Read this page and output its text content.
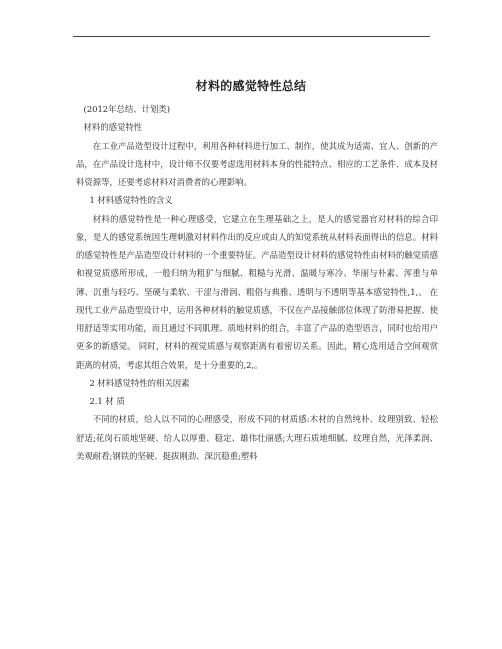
材料的感觉特性总结
(2012年总结、计划类)
材料的感觉特性

在工业产品造型设计过程中，利用各种材料进行加工、制作，使其成为适需、宜人、创新的产品，在产品设计选材中，设计师不仅要考虑选用材料本身的性能特点、相应的工艺条件、成本及材料资源等，还要考虑材料对消费者的心理影响。

1 材料感觉特性的含义

材料的感觉特性是一种心理感受，它建立在生理基础之上，是人的感觉器官对材料的综合印象，是人的感觉系统因生理刺激对材料作出的反应或由人的知觉系统从材料表面得出的信息。材料的感觉特性是产品造型设计材料的一个重要特征。产品造型设计材料的感觉特性由材料的触觉质感和视觉质感所形成，一般归纳为粗犷与细腻、粗糙与光滑、温暖与寒冷、华丽与朴素、浑重与单薄、沉重与轻巧、坚硬与柔软、干涩与滑润、粗俗与典雅、透明与不透明等基本感觉特性,1,。 在现代工业产品造型设计中，运用各种材料的触觉质感，不仅在产品接触部位体现了防滑易把握、使用舒适等实用功能，而且通过不同肌理、质地材料的组合，丰富了产品的造型语言，同时也给用户更多的新感觉。 同时，材料的视觉质感与观察距离有着密切关系。因此，精心选用适合空间观赏距离的材质，考虑其组合效果，是十分重要的,2,。

2 材料感觉特性的相关因素
2.1 材 质

不同的材质，给人以不同的心理感受，形成不同的材质感:木材的自然纯朴、纹理别致、轻松舒适;花岗石质地坚硬、给人以厚重、稳定、雄伟壮丽感;大理石质地细腻、纹理自然，光泽柔润、美观耐看;钢铁的坚硬、挺拔刚劲、深沉稳重;塑料
